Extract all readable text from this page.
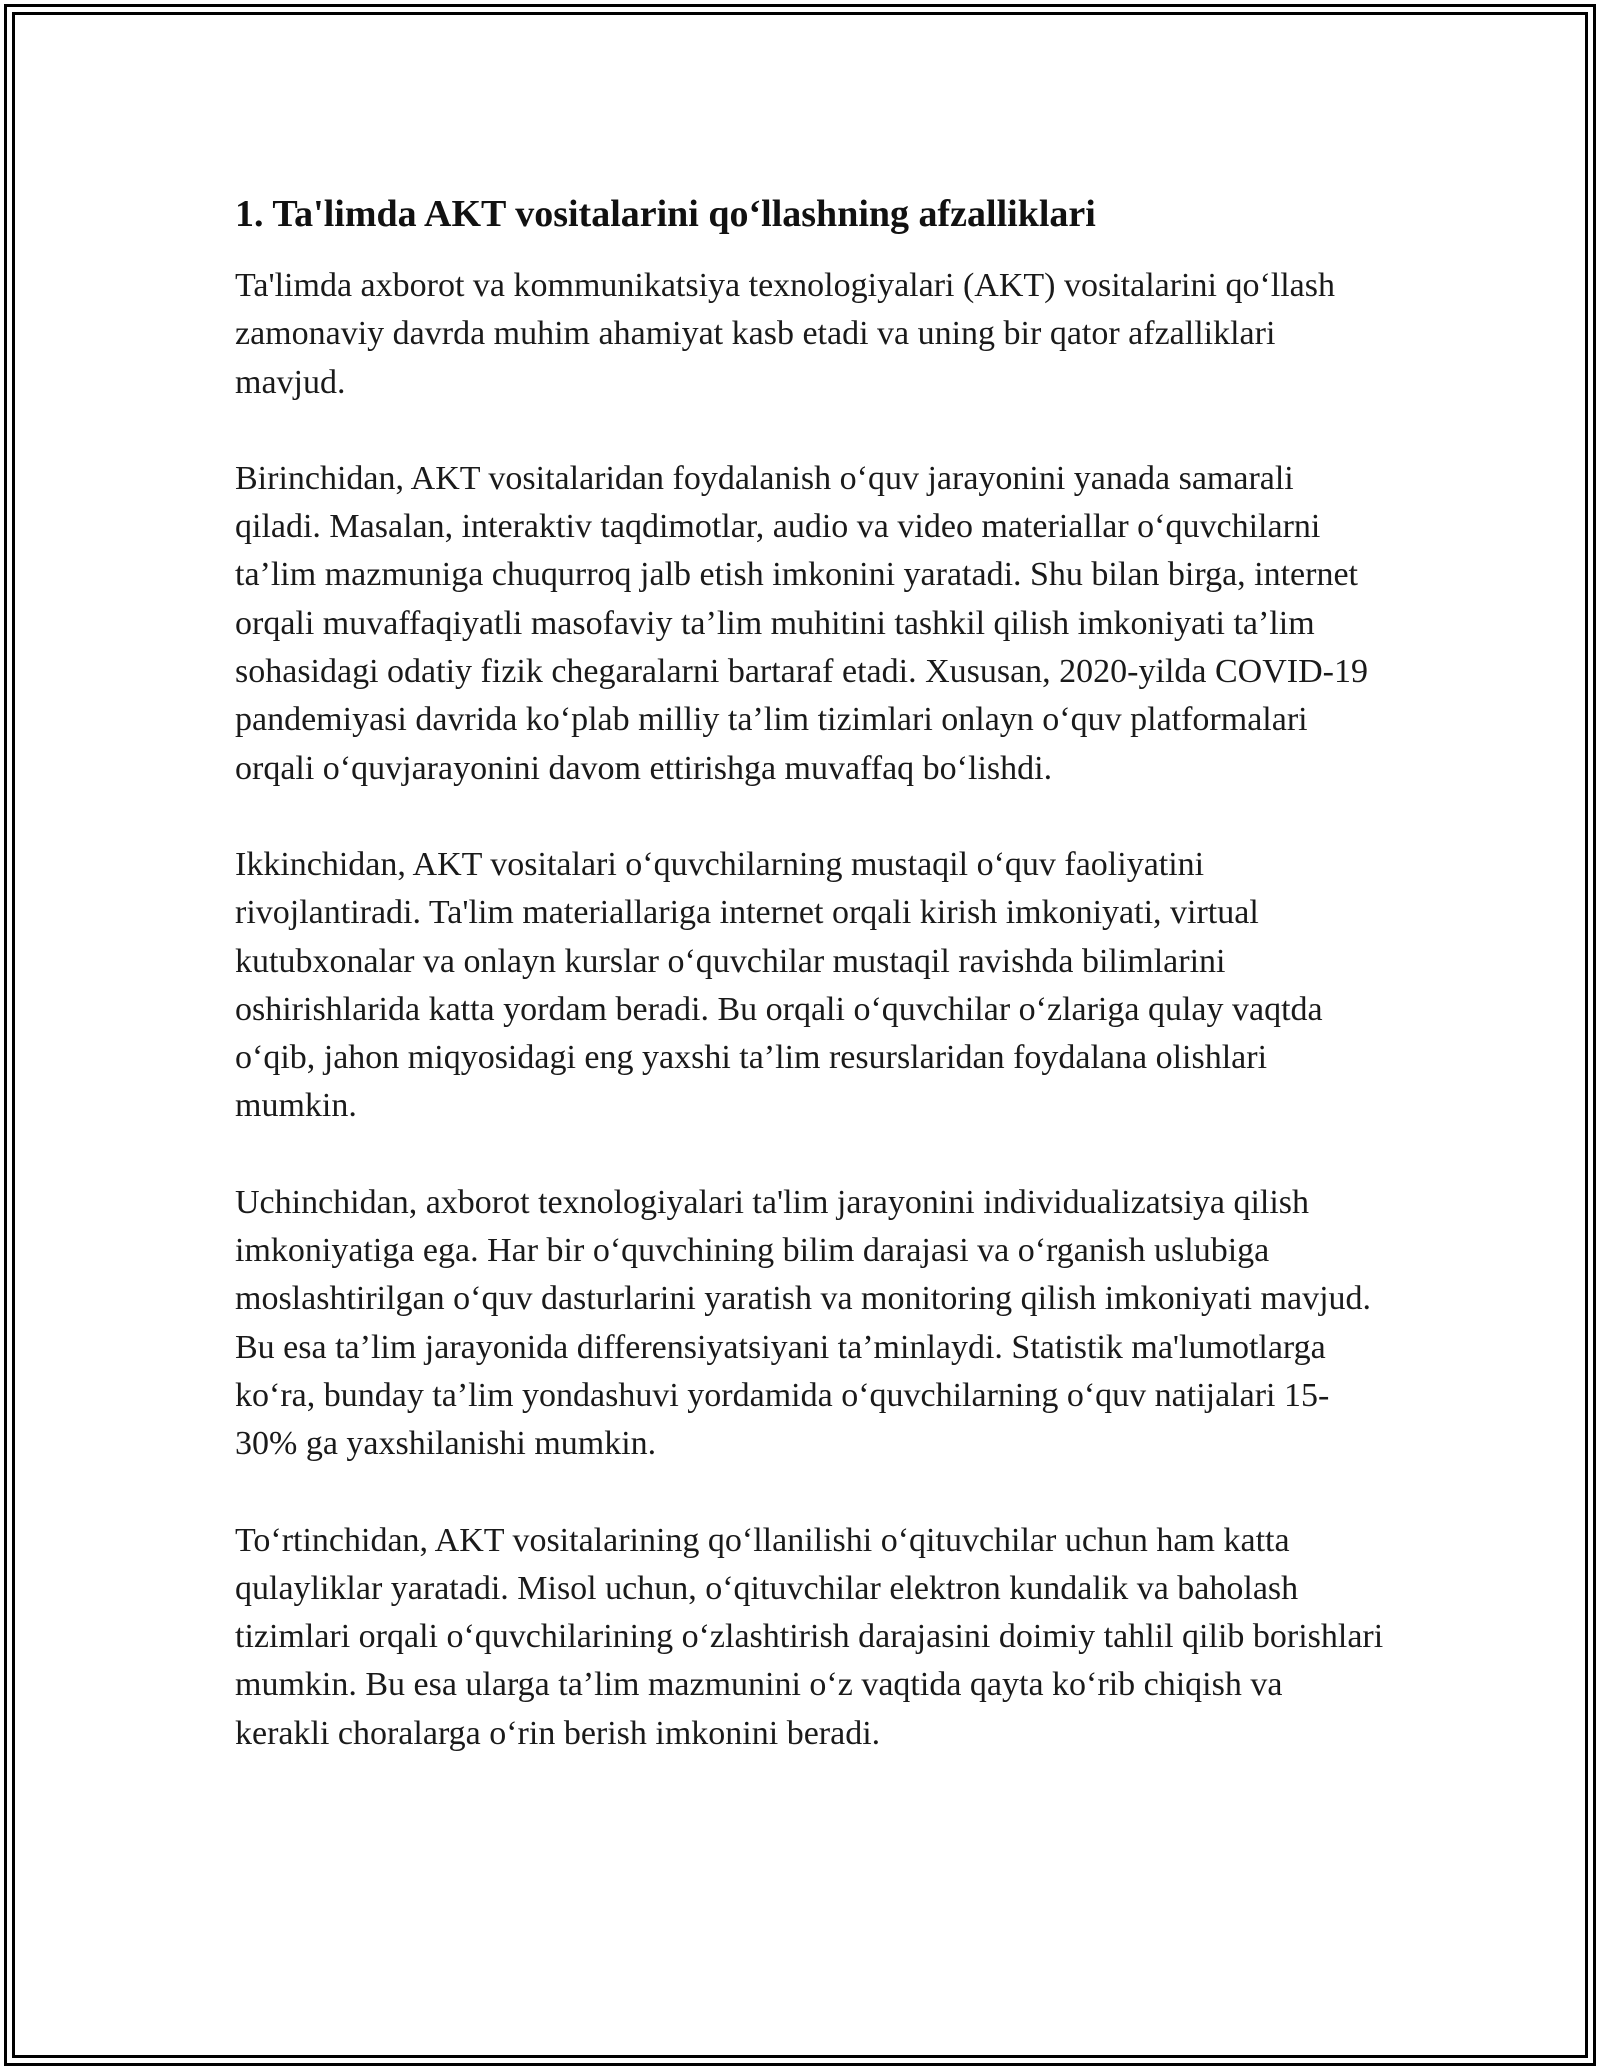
1. Ta'limda AKT vositalarini qo‘llashning afzalliklari

Ta'limda axborot va kommunikatsiya texnologiyalari (AKT) vositalarini qo‘llash zamonaviy davrda muhim ahamiyat kasb etadi va uning bir qator afzalliklari mavjud.

Birinchidan, AKT vositalaridan foydalanish o‘quv jarayonini yanada samarali qiladi. Masalan, interaktiv taqdimotlar, audio va video materiallar o‘quvchilarni ta’lim mazmuniga chuqurroq jalb etish imkonini yaratadi. Shu bilan birga, internet orqali muvaffaqiyatli masofaviy ta’lim muhitini tashkil qilish imkoniyati ta’lim sohasidagi odatiy fizik chegaralarni bartaraf etadi. Xususan, 2020-yilda COVID-19 pandemiyasi davrida ko‘plab milliy ta’lim tizimlari onlayn o‘quv platformalari orqali o‘quvjarayonini davom ettirishga muvaffaq bo‘lishdi.

Ikkinchidan, AKT vositalari o‘quvchilarning mustaqil o‘quv faoliyatini rivojlantiradi. Ta'lim materiallariga internet orqali kirish imkoniyati, virtual kutubxonalar va onlayn kurslar o‘quvchilar mustaqil ravishda bilimlarini oshirishlarida katta yordam beradi. Bu orqali o‘quvchilar o‘zlariga qulay vaqtda o‘qib, jahon miqyosidagi eng yaxshi ta’lim resurslaridan foydalana olishlari mumkin.

Uchinchidan, axborot texnologiyalari ta'lim jarayonini individualizatsiya qilish imkoniyatiga ega. Har bir o‘quvchining bilim darajasi va o‘rganish uslubiga moslashtirilgan o‘quv dasturlarini yaratish va monitoring qilish imkoniyati mavjud. Bu esa ta’lim jarayonida differensiyatsiyani ta’minlaydi. Statistik ma'lumotlarga ko‘ra, bunday ta’lim yondashuvi yordamida o‘quvchilarning o‘quv natijalari 15-30% ga yaxshilanishi mumkin.

To‘rtinchidan, AKT vositalarining qo‘llanilishi o‘qituvchilar uchun ham katta qulayliklar yaratadi. Misol uchun, o‘qituvchilar elektron kundalik va baholash tizimlari orqali o‘quvchilarining o‘zlashtirish darajasini doimiy tahlil qilib borishlari mumkin. Bu esa ularga ta’lim mazmunini o‘z vaqtida qayta ko‘rib chiqish va kerakli choralarga o‘rin berish imkonini beradi.
